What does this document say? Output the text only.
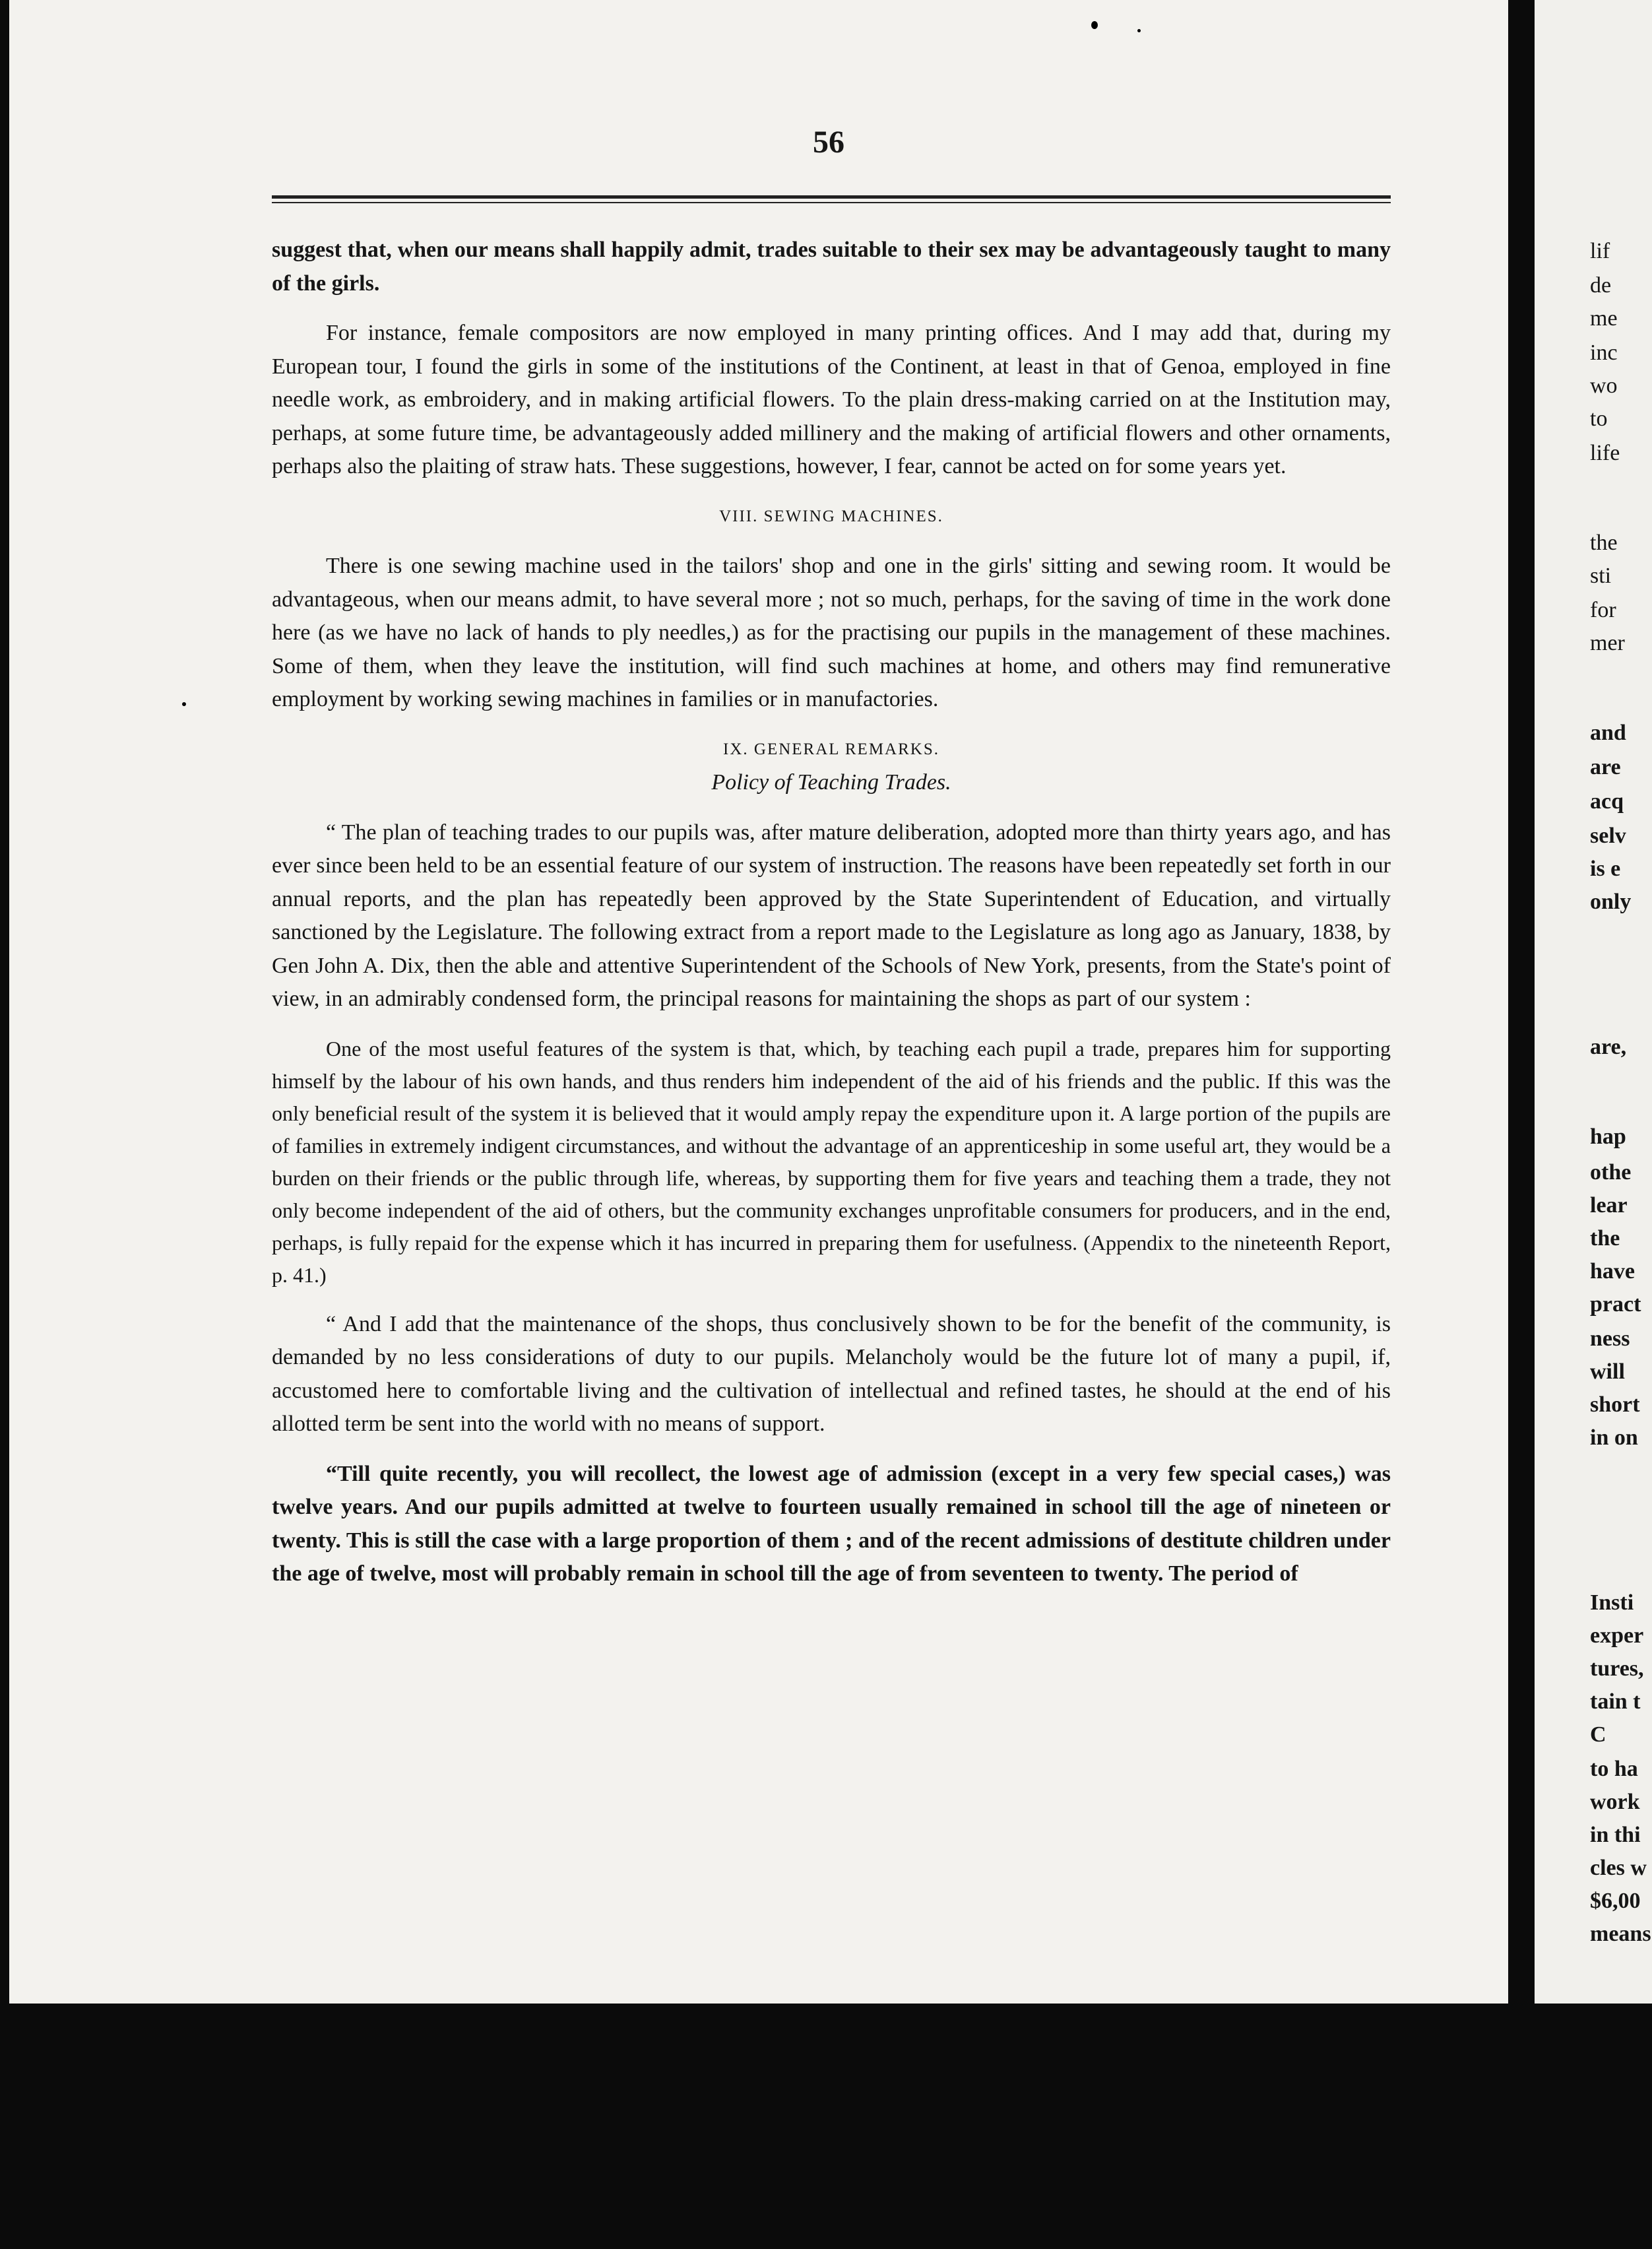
56

suggest that, when our means shall happily admit, trades suitable to their sex may be advantageously taught to many of the girls.

For instance, female compositors are now employed in many printing offices. And I may add that, during my European tour, I found the girls in some of the institutions of the Continent, at least in that of Genoa, employed in fine needle work, as embroidery, and in making artificial flowers. To the plain dress-making carried on at the Institution may, perhaps, at some future time, be advantageously added millinery and the making of artificial flowers and other ornaments, perhaps also the plaiting of straw hats. These suggestions, however, I fear, cannot be acted on for some years yet.

VIII. SEWING MACHINES.

There is one sewing machine used in the tailors' shop and one in the girls' sitting and sewing room. It would be advantageous, when our means admit, to have several more ; not so much, perhaps, for the saving of time in the work done here (as we have no lack of hands to ply needles,) as for the practising our pupils in the management of these machines. Some of them, when they leave the institution, will find such machines at home, and others may find remunerative employment by working sewing machines in families or in manufactories.

IX. GENERAL REMARKS.
Policy of Teaching Trades.

“ The plan of teaching trades to our pupils was, after mature deliberation, adopted more than thirty years ago, and has ever since been held to be an essential feature of our system of instruction. The reasons have been repeatedly set forth in our annual reports, and the plan has repeatedly been approved by the State Superintendent of Education, and virtually sanctioned by the Legislature. The following extract from a report made to the Legislature as long ago as January, 1838, by Gen John A. Dix, then the able and attentive Superintendent of the Schools of New York, presents, from the State's point of view, in an admirably condensed form, the principal reasons for maintaining the shops as part of our system :

One of the most useful features of the system is that, which, by teaching each pupil a trade, prepares him for supporting himself by the labour of his own hands, and thus renders him independent of the aid of his friends and the public. If this was the only beneficial result of the system it is believed that it would amply repay the expenditure upon it. A large portion of the pupils are of families in extremely indigent circumstances, and without the advantage of an apprenticeship in some useful art, they would be a burden on their friends or the public through life, whereas, by supporting them for five years and teaching them a trade, they not only become independent of the aid of others, but the community exchanges unprofitable consumers for producers, and in the end, perhaps, is fully repaid for the expense which it has incurred in preparing them for usefulness. (Appendix to the nineteenth Report, p. 41.)

“ And I add that the maintenance of the shops, thus conclusively shown to be for the benefit of the community, is demanded by no less considerations of duty to our pupils. Melancholy would be the future lot of many a pupil, if, accustomed here to comfortable living and the cultivation of intellectual and refined tastes, he should at the end of his allotted term be sent into the world with no means of support.

“Till quite recently, you will recollect, the lowest age of admission (except in a very few special cases,) was twelve years. And our pupils admitted at twelve to fourteen usually remained in school till the age of nineteen or twenty. This is still the case with a large proportion of them ; and of the recent admissions of destitute children under the age of twelve, most will probably remain in school till the age of from seventeen to twenty. The period of

lif
de
me
inc
wo
to
life
the
sti
for
mer
and
are
acq
selv
is e
only
are,
hap
othe
lear
the
have
pract
ness
will
short
in on
Insti
exper
tures,
tain t
C
to ha
work
in thi
cles w
$6,00
means
